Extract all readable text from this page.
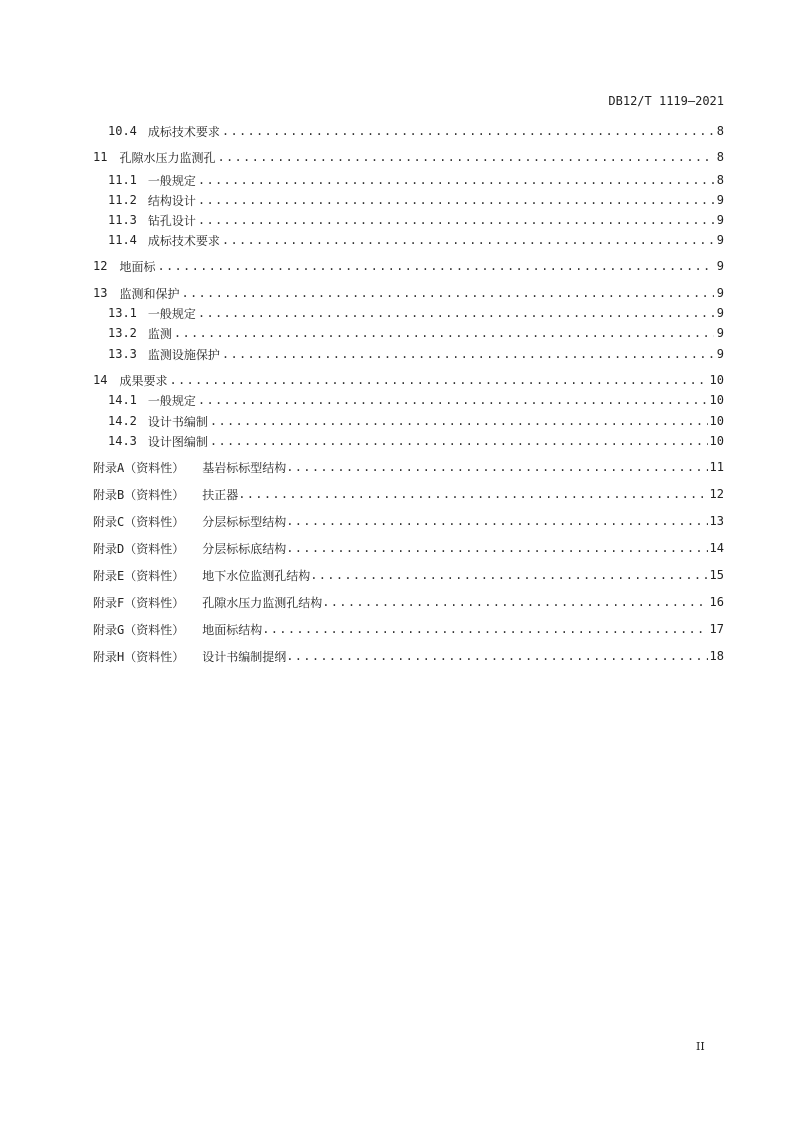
DB12/T 1119—2021
10.4 成标技术要求 .....	8
11 孔隙水压力监测孔 .....	8
11.1 一般规定 .....	8
11.2 结构设计 .....	9
11.3 钻孔设计 .....	9
11.4 成标技术要求 .....	9
12 地面标 .....	9
13 监测和保护 .....	9
13.1 一般规定 .....	9
13.2 监测 .....	9
13.3 监测设施保护 .....	9
14 成果要求 .....	10
14.1 一般规定 .....	10
14.2 设计书编制 .....	10
14.3 设计图编制 .....	10
附录A（资料性） 基岩标标型结构 .....	11
附录B（资料性） 扶正器 .....	12
附录C（资料性） 分层标标型结构 .....	13
附录D（资料性） 分层标标底结构 .....	14
附录E（资料性） 地下水位监测孔结构 .....	15
附录F（资料性） 孔隙水压力监测孔结构 .....	16
附录G（资料性） 地面标结构 .....	17
附录H（资料性） 设计书编制提纲 .....	18
II
